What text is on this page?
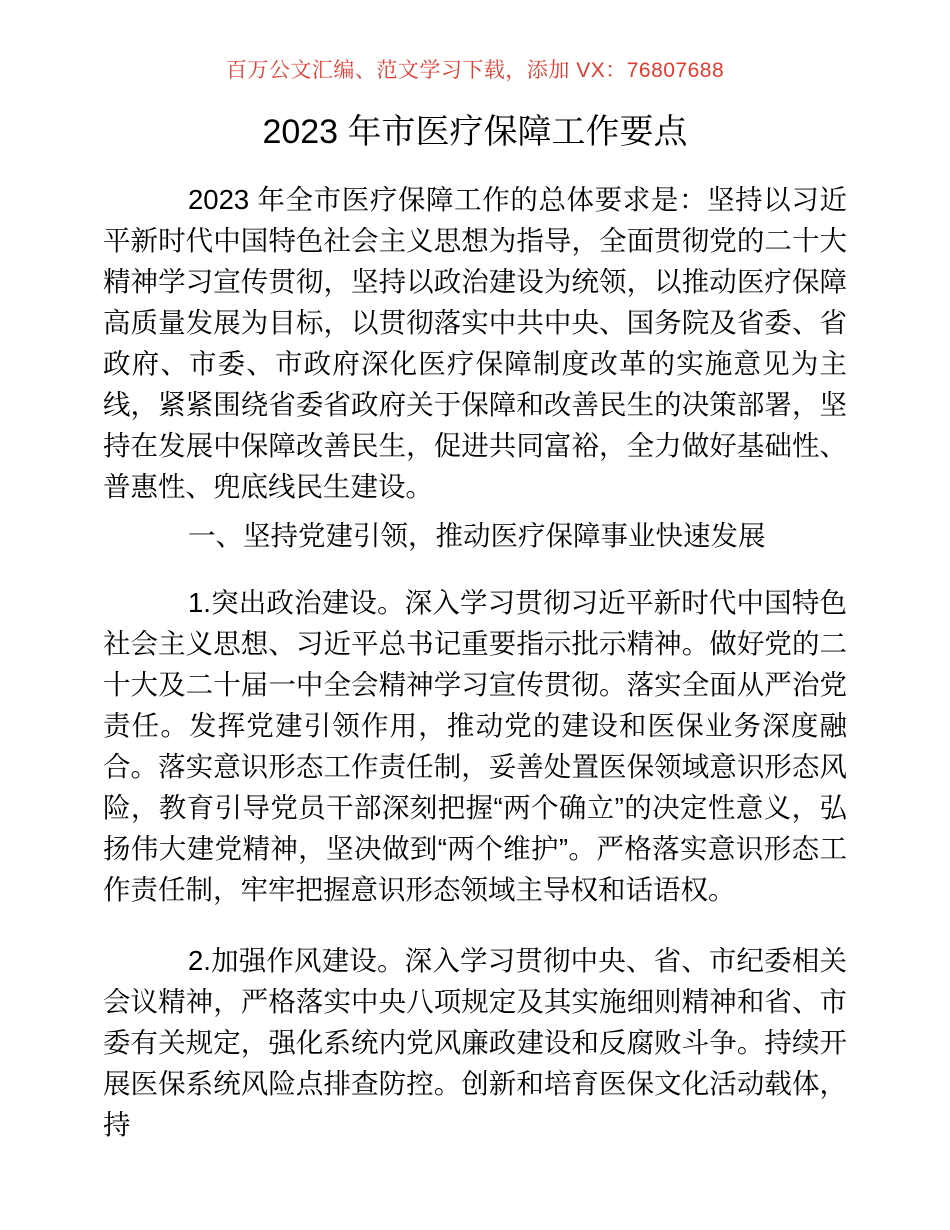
百万公文汇编、范文学习下载，添加 VX：76807688
2023 年市医疗保障工作要点

2023 年全市医疗保障工作的总体要求是：坚持以习近平新时代中国特色社会主义思想为指导，全面贯彻党的二十大精神学习宣传贯彻，坚持以政治建设为统领，以推动医疗保障高质量发展为目标，以贯彻落实中共中央、国务院及省委、省政府、市委、市政府深化医疗保障制度改革的实施意见为主线，紧紧围绕省委省政府关于保障和改善民生的决策部署，坚持在发展中保障改善民生，促进共同富裕，全力做好基础性、普惠性、兜底线民生建设。

一、坚持党建引领，推动医疗保障事业快速发展

1.突出政治建设。深入学习贯彻习近平新时代中国特色社会主义思想、习近平总书记重要指示批示精神。做好党的二十大及二十届一中全会精神学习宣传贯彻。落实全面从严治党责任。发挥党建引领作用，推动党的建设和医保业务深度融合。落实意识形态工作责任制，妥善处置医保领域意识形态风险，教育引导党员干部深刻把握“两个确立”的决定性意义，弘扬伟大建党精神，坚决做到“两个维护”。严格落实意识形态工作责任制，牢牢把握意识形态领域主导权和话语权。

2.加强作风建设。深入学习贯彻中央、省、市纪委相关会议精神，严格落实中央八项规定及其实施细则精神和省、市委有关规定，强化系统内党风廉政建设和反腐败斗争。持续开展医保系统风险点排查防控。创新和培育医保文化活动载体，持
